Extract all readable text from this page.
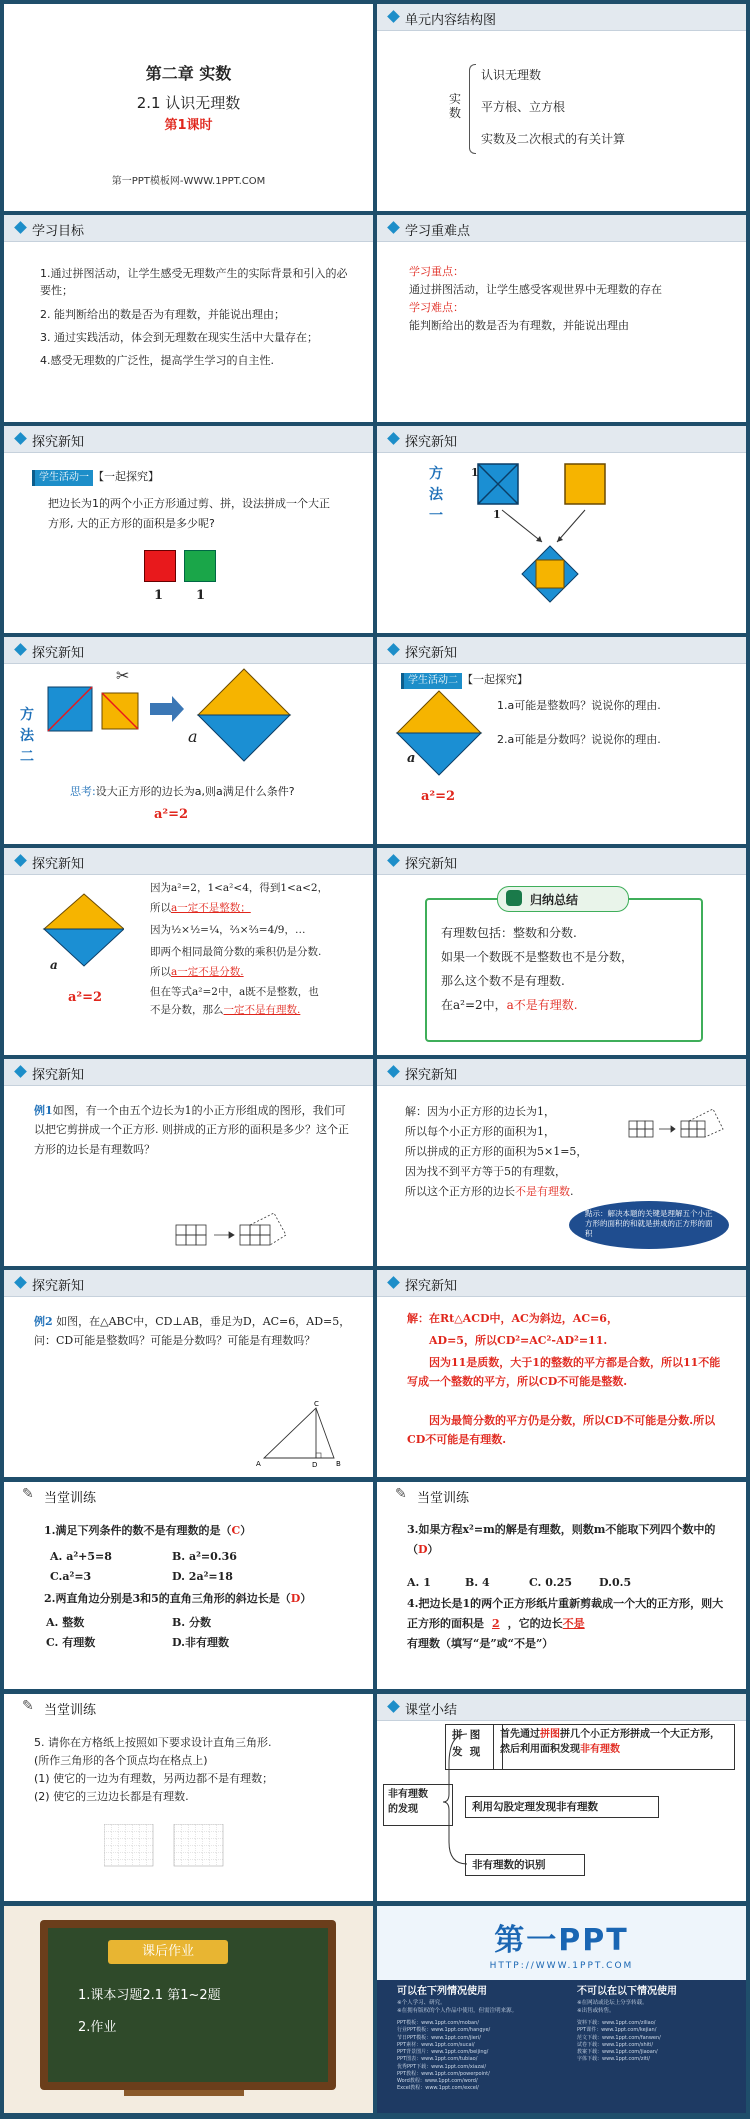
第二章 实数
2.1 认识无理数
第1课时
第一PPT模板网-WWW.1PPT.COM
单元内容结构图
实
数
认识无理数
平方根、立方根
实数及二次根式的有关计算
学习目标
1.通过拼图活动，让学生感受无理数产生的实际背景和引入的必要性；
2. 能判断给出的数是否为有理数，并能说出理由；
3. 通过实践活动，体会到无理数在现实生活中大量存在；
4.感受无理数的广泛性，提高学生学习的自主性.
学习重难点
学习重点：
通过拼图活动，让学生感受客观世界中无理数的存在
学习难点：
能判断给出的数是否为有理数，并能说出理由
探究新知
学生活动一 【一起探究】
把边长为1的两个小正方形通过剪、拼，设法拼成一个大正方形, 大的正方形的面积是多少呢?
1	1
探究新知
方
法
一
1
1
探究新知
方
法
二
✂
a
思考:设大正方形的边长为a,则a满足什么条件?
a²=2
探究新知
学生活动二 【一起探究】
a
1.a可能是整数吗？说说你的理由.
2.a可能是分数吗？说说你的理由.
a²=2
探究新知
a
a²=2
因为a²=2，1<a²<4，得到1<a<2，
所以a一定不是整数；
因为½×½=¼，⅔×⅔=4/9，…
即两个相同最简分数的乘积仍是分数.
所以a一定不是分数.
但在等式a²=2中，a既不是整数，也
不是分数，那么一定不是有理数.
探究新知
归纳总结
有理数包括：整数和分数.
如果一个数既不是整数也不是分数，
那么这个数不是有理数.
在a²=2中，a不是有理数.
探究新知
例1如图，有一个由五个边长为1的小正方形组成的图形，我们可以把它剪拼成一个正方形. 则拼成的正方形的面积是多少？这个正方形的边长是有理数吗？
探究新知
解：因为小正方形的边长为1，
所以每个小正方形的面积为1，
所以拼成的正方形的面积为5×1=5，
因为找不到平方等于5的有理数，
所以这个正方形的边长不是有理数.
點示：解决本题的关键是理解五个小正方形的面积的和就是拼成的正方形的面积
探究新知
例2 如图，在△ABC中，CD⊥AB，垂足为D，AC=6，AD=5，问：CD可能是整数吗？可能是分数吗？可能是有理数吗？
A	B
C
D
探究新知
解：在Rt△ACD中，AC为斜边，AC=6，
AD=5，所以CD²=AC²-AD²=11.
因为11是质数，大于1的整数的平方都是合数，所以11不能写成一个整数的平方，所以CD不可能是整数.
因为最简分数的平方仍是分数，所以CD不可能是分数.所以CD不可能是有理数.
✎ 当堂训练
1.满足下列条件的数不是有理数的是（C）
A. a²+5=8	B. a²=0.36
C.a²=3	D. 2a²=18
2.两直角边分别是3和5的直角三角形的斜边长是（D）
A. 整数	B. 分数
C. 有理数	D.非有理数
✎ 当堂训练
3.如果方程x²=m的解是有理数，则数m不能取下列四个数中的（D）
A. 1	B. 4	C. 0.25 D.0.5
4.把边长是1的两个正方形纸片重新剪裁成一个大的正方形，则大正方形的面积是 2 ，它的边长不是有理数（填写“是”或“不是”）
✎ 当堂训练
5. 请你在方格纸上按照如下要求设计直角三角形.
(所作三角形的各个顶点均在格点上)
(1) 使它的一边为有理数，另两边都不是有理数；
(2) 使它的三边边长都是有理数.
课堂小结
非有理数
的发现
拼  图
发  现
首先通过拼图拼几个小正方形拼成一个大正方形，然后利用面积发现非有理数
利用勾股定理发现非有理数
非有理数的识别
课后作业
1.课本习题2.1 第1~2题
2.作业
第一PPT
HTTP://WWW.1PPT.COM
可以在下列情况使用	不可以在以下情况使用
※个人学习、研究。
※在拥有版权的个人作品中使用，但需注明来源。
※在网站或论坛上分享转载。
※出售或转售。
PPT模板：www.1ppt.com/moban/
行业PPT模板：www.1ppt.com/hangye/
节日PPT模板：www.1ppt.com/jieri/
PPT素材：www.1ppt.com/sucai/
PPT背景图片：www.1ppt.com/beijing/
PPT图表：www.1ppt.com/tubiao/
优秀PPT下载：www.1ppt.com/xiazai/
PPT教程：www.1ppt.com/powerpoint/
Word教程：www.1ppt.com/word/
Excel教程：www.1ppt.com/excel/
资料下载：www.1ppt.com/ziliao/
PPT课件：www.1ppt.com/kejian/
范文下载：www.1ppt.com/fanwen/
试卷下载：www.1ppt.com/shiti/
教案下载：www.1ppt.com/jiaoan/
字体下载：www.1ppt.com/ziti/
